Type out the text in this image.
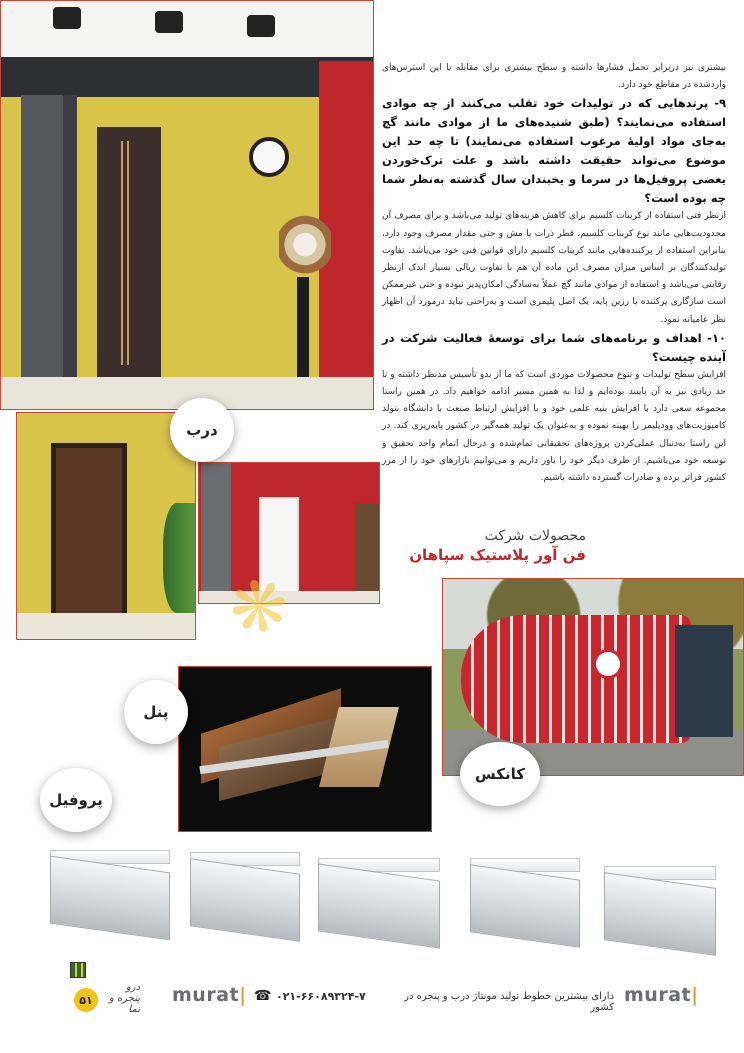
درب
❋

بیشتری نیز دربرابر تحمل فشارها داشته و سطح بیشتری برای مقابله با این استرس‌های واردشده در مقاطع خود دارد.

۹- پرتدهایی که در تولیدات خود تقلب می‌کنند از چه موادی استفاده می‌نمایند؟ (طبق شنیده‌های ما از موادی مانند گچ به‌جای مواد اولیهٔ مرغوب استفاده می‌نمایند) تا چه حد این موضوع می‌تواند حقیقت داشته باشد و علت ترک‌خوردن یعضی پروفیل‌ها در سرما و یخبندان سال گذشته به‌نظر شما چه بوده است؟

ازنظر فنی استفاده از کربنات کلسیم برای کاهش هزینه‌های تولید می‌باشد و برای مصرف آن محدودیت‌هایی مانند نوع کربنات کلسیم، قطر ذرات یا مش و حتی مقدار مصرف وجود دارد، بنابراین استفاده از پرکننده‌هایی مانند کربنات کلسیم دارای قوانین فنی خود می‌باشد. تفاوت تولیدکنندگان بر اساس میزان مصرف این ماده آن هم با تفاوت ریالی بسیار اندک ازنظر رقابتی می‌باشد و استفاده از موادی مانند گچ عملاً به‌سادگی امکان‌پذیر نبوده و حتی غیرممکن است سازگاری پرکننده با رزین پایه، یک اصل پلیمری است و به‌راحتی نباید درمورد آن اظهار نظر عامیانه نمود.

۱۰- اهداف و برنامه‌های شما برای توسعهٔ فعالیت شرکت در آینده چیست؟

افزایش سطح تولیدات و تنوع محصولات موردی است که ما از بدو تأسیس مدنظر داشته و تا حد زیادی نیز به آن پایبند بوده‌ایم و لذا به همین مسیر ادامه خواهیم داد. در همین راستا مجموعه سعی دارد با افزایش بنیه علمی خود و با افزایش ارتباط صنعت با دانشگاه بتولد کامپوزیت‌های وودپلیمر را بهینه نموده و به‌عنوان یک تولید همه‌گیر در کشور پایه‌ریزی کند. در این راستا به‌دنبال عملی‌کردن پروژه‌های تحقیقاتی تمام‌شده و درحال اتمام واحد تحقیق و توسعه خود می‌باشیم. از طرف دیگر خود را باور داریم و می‌توانیم بازارهای خود را از مرز کشور فراتر برده و صادرات گسترده داشته باشیم.

محصولات شرکت
فن آور پلاستیک سپاهان
کانکس
پنل
پروفیل
۵۱
درو پنجره و نما
murat| ☎ ۰۲۱-۶۶۰۸۹۳۲۴-۷	دارای بیشترین خطوط تولید مونتاژ درب و پنجره در کشور
murat|
